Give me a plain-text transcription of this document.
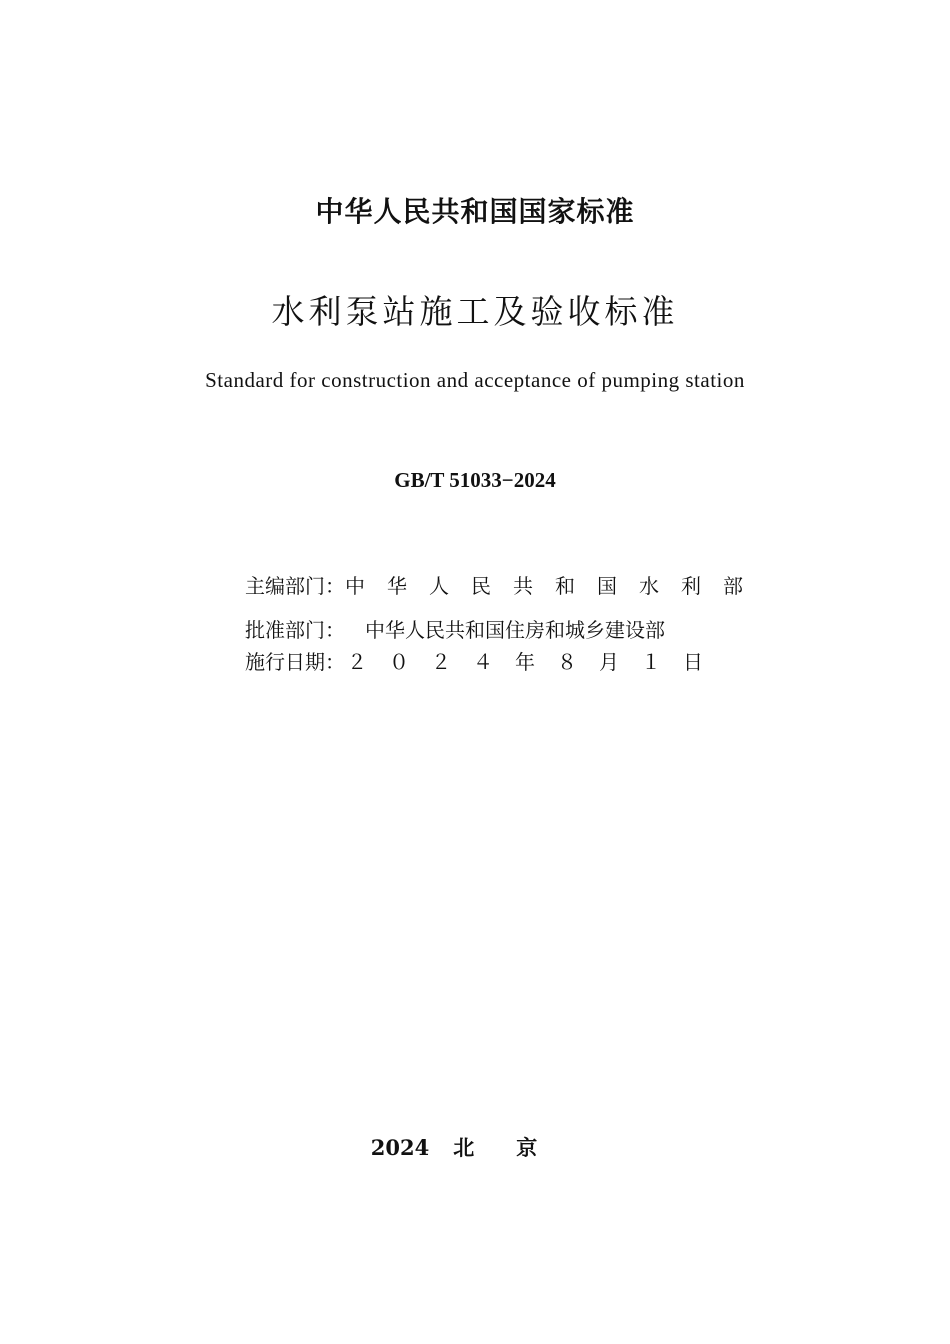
中华人民共和国国家标准
水利泵站施工及验收标准
Standard for construction and acceptance of pumping station
GB/T 51033−2024
主编部门： 中华人民共和国水利部
批准部门：	中华人民共和国住房和城乡建设部
施行日期： ２０２４年８月１日
2024 北京
